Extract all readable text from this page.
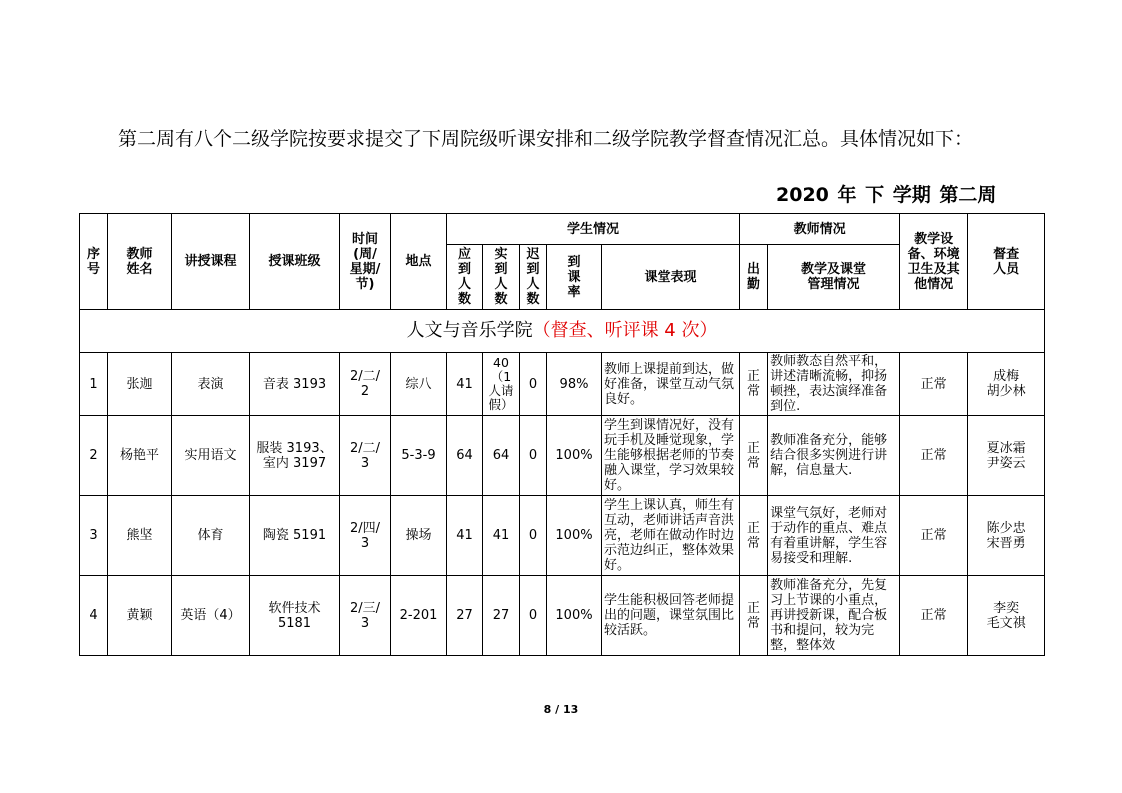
第二周有八个二级学院按要求提交了下周院级听课安排和二级学院教学督查情况汇总。具体情况如下：
2020 年 下 学期 第二周
序号	教师姓名	讲授课程	授课班级	时间(周/星期/节)	地点	学生情况					教师情况		教学设备、环境卫生及其他情况	督查人员
						应到人数	实到人数	迟到人数	到课率	课堂表现	出勤	教学及课堂管理情况		
人文与音乐学院（督查、听评课 4 次）														
1	张迦	表演	音表 3193	2/二/2	综八	41	40（1人请假）	0	98%	教师上课提前到达，做好准备，课堂互动气氛良好。	正常	教师教态自然平和，讲述清晰流畅，抑扬顿挫，表达演绎准备到位.	正常	成梅 胡少林
2	杨艳平	实用语文	服装 3193、室内 3197	2/二/3	5-3-9	64	64	0	100%	学生到课情况好，没有玩手机及睡觉现象，学生能够根据老师的节奏融入课堂，学习效果较好。	正常	教师准备充分，能够结合很多实例进行讲解，信息量大.	正常	夏冰霜 尹姿云
3	熊坚	体育	陶瓷 5191	2/四/3	操场	41	41	0	100%	学生上课认真，师生有互动，老师讲话声音洪亮，老师在做动作时边示范边纠正，整体效果好。	正常	课堂气氛好，老师对于动作的重点、难点有着重讲解，学生容易接受和理解.	正常	陈少忠 宋晋勇
4	黄颖	英语（4）	软件技术 5181	2/三/3	2-201	27	27	0	100%	学生能积极回答老师提出的问题，课堂氛围比较活跃。	正常	教师准备充分，先复习上节课的小重点，再讲授新课，配合板书和提问，较为完整，整体效	正常	李奕 毛文祺
8 / 13
